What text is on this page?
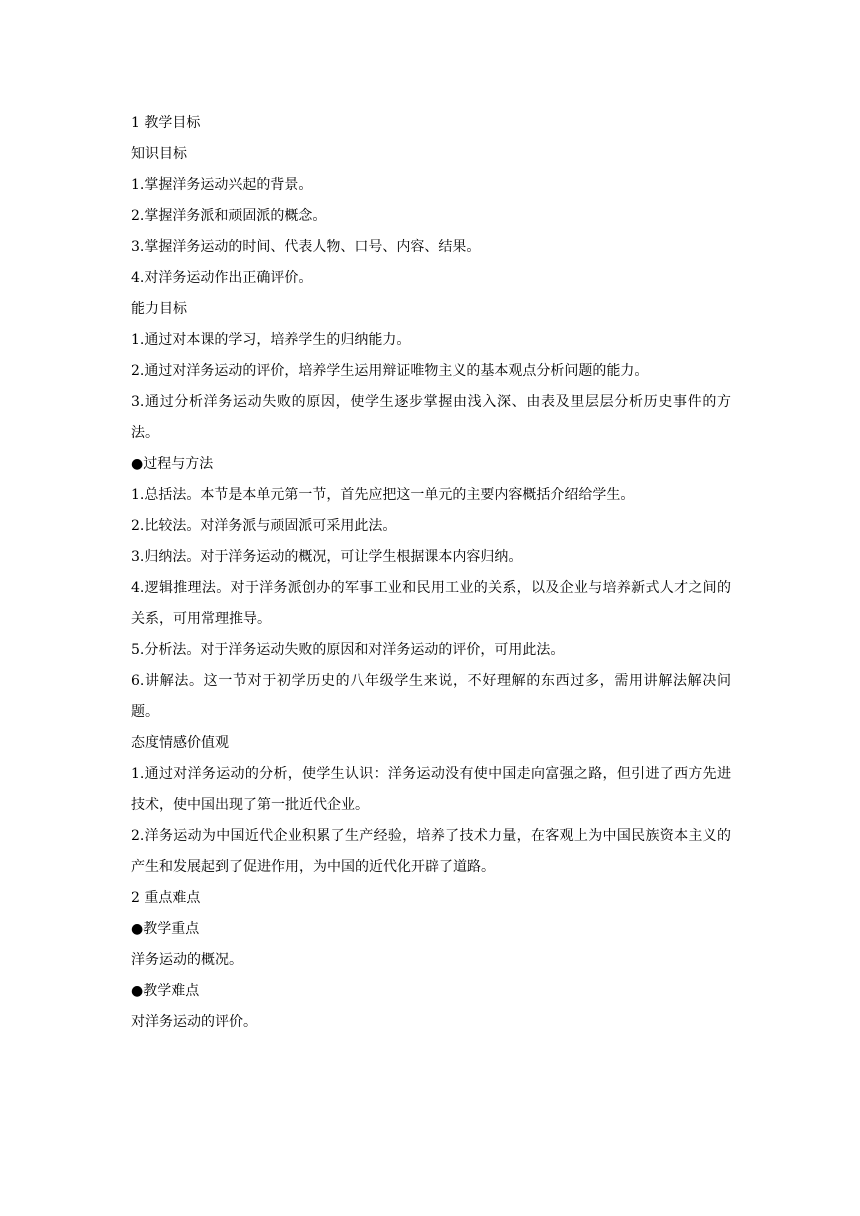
1 教学目标
知识目标
1.掌握洋务运动兴起的背景。
2.掌握洋务派和顽固派的概念。
3.掌握洋务运动的时间、代表人物、口号、内容、结果。
4.对洋务运动作出正确评价。
能力目标
1.通过对本课的学习，培养学生的归纳能力。
2.通过对洋务运动的评价，培养学生运用辩证唯物主义的基本观点分析问题的能力。
3.通过分析洋务运动失败的原因，使学生逐步掌握由浅入深、由表及里层层分析历史事件的方法。
●过程与方法
1.总括法。本节是本单元第一节，首先应把这一单元的主要内容概括介绍给学生。
2.比较法。对洋务派与顽固派可采用此法。
3.归纳法。对于洋务运动的概况，可让学生根据课本内容归纳。
4.逻辑推理法。对于洋务派创办的军事工业和民用工业的关系，以及企业与培养新式人才之间的关系，可用常理推导。
5.分析法。对于洋务运动失败的原因和对洋务运动的评价，可用此法。
6.讲解法。这一节对于初学历史的八年级学生来说，不好理解的东西过多，需用讲解法解决问题。
态度情感价值观
1.通过对洋务运动的分析，使学生认识：洋务运动没有使中国走向富强之路，但引进了西方先进技术，使中国出现了第一批近代企业。
2.洋务运动为中国近代企业积累了生产经验，培养了技术力量，在客观上为中国民族资本主义的产生和发展起到了促进作用，为中国的近代化开辟了道路。
2 重点难点
●教学重点
洋务运动的概况。
●教学难点
对洋务运动的评价。
